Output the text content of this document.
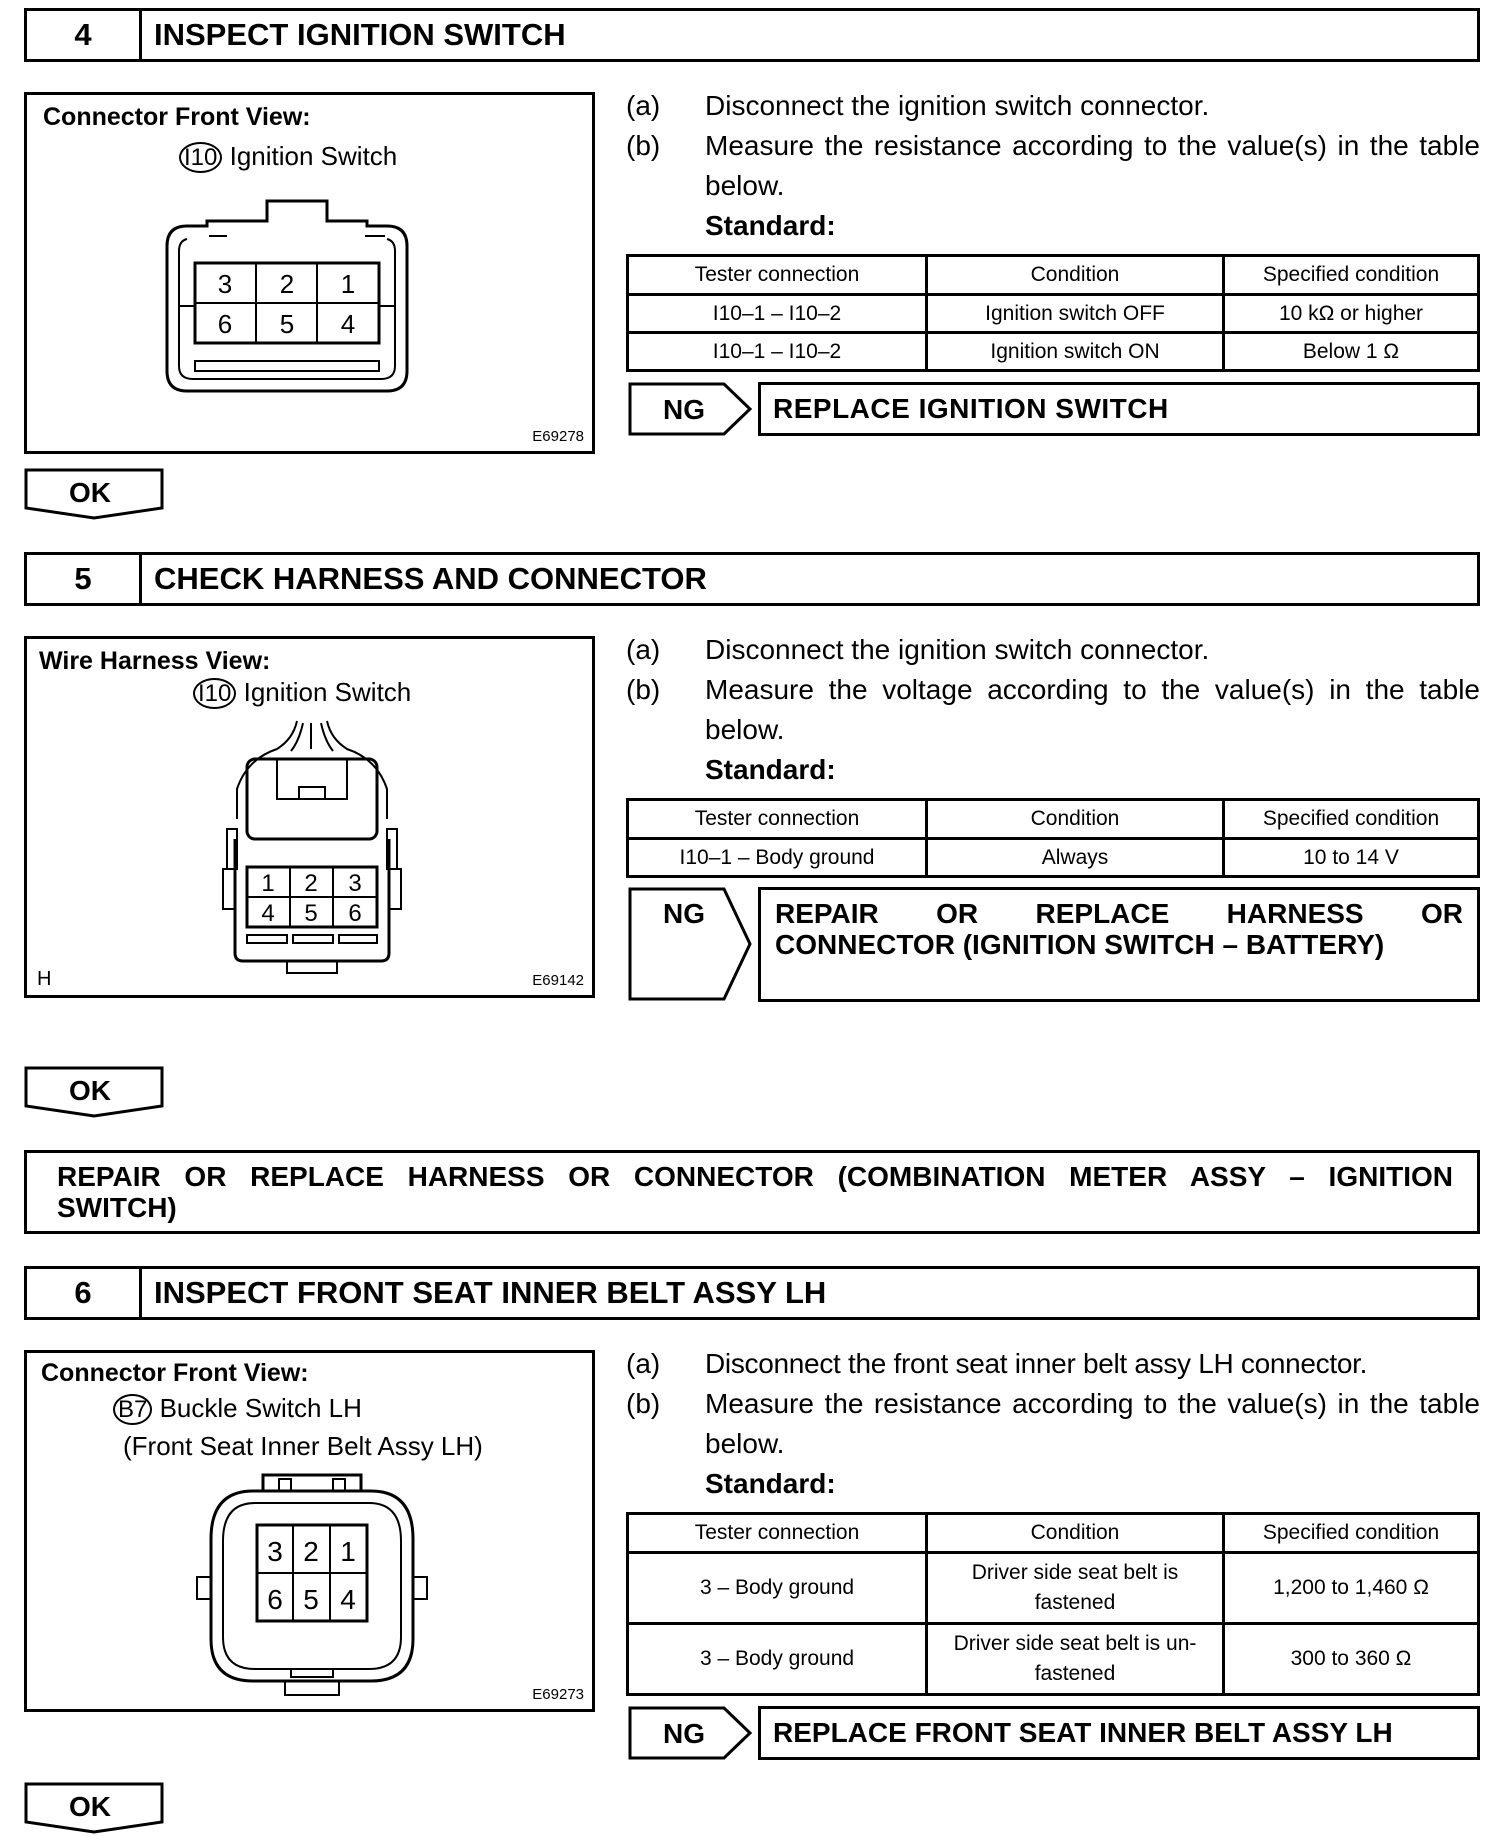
4	INSPECT IGNITION SWITCH
Connector Front View:
I10 Ignition Switch
3 2 1
6 5 4
E69278
(a)	Disconnect the ignition switch connector.
(b)	Measure the resistance according to the value(s) in the table below.
Standard:
Tester connection	Condition	Specified condition
I10–1 – I10–2	Ignition switch OFF	10 kΩ or higher
I10–1 – I10–2	Ignition switch ON	Below 1 Ω
NG REPLACE IGNITION SWITCH
OK
5	CHECK HARNESS AND CONNECTOR
Wire Harness View:
I10 Ignition Switch
1 2 3
4 5 6
H	E69142
(a)	Disconnect the ignition switch connector.
(b)	Measure the voltage according to the value(s) in the table below.
Standard:
Tester connection	Condition	Specified condition
I10–1 – Body ground	Always	10 to 14 V
NG	REPAIR OR REPLACE HARNESS OR
CONNECTOR (IGNITION SWITCH – BATTERY)
OK
REPAIR OR REPLACE HARNESS OR CONNECTOR (COMBINATION METER ASSY – IGNITION
SWITCH)
6	INSPECT FRONT SEAT INNER BELT ASSY LH
Connector Front View:
B7 Buckle Switch LH
(Front Seat Inner Belt Assy LH)
3 2 1
6 5 4
E69273
(a)	Disconnect the front seat inner belt assy LH connector.
(b)	Measure the resistance according to the value(s) in the table below.
Standard:
Tester connection	Condition	Specified condition
3 – Body ground	Driver side seat belt is fastened	1,200 to 1,460 Ω
3 – Body ground	Driver side seat belt is un-fastened	300 to 360 Ω
NG REPLACE FRONT SEAT INNER BELT ASSY LH
OK
